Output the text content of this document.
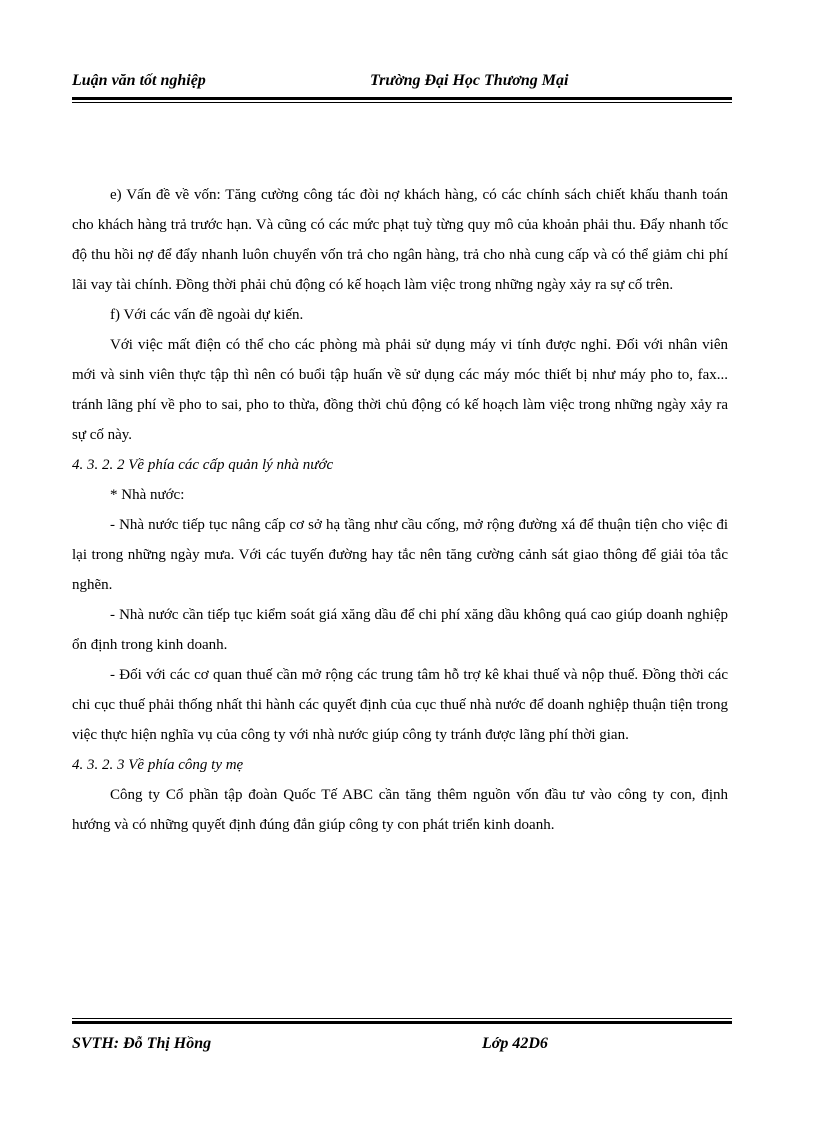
Luận văn tốt nghiệp	Trường Đại Học Thương Mại

e) Vấn đề về vốn: Tăng cường công tác đòi nợ khách hàng, có các chính sách chiết khấu thanh toán cho khách hàng trả trước hạn. Và cũng có các mức phạt tuỳ từng quy mô của khoản phải thu. Đẩy nhanh tốc độ thu hồi nợ để đẩy nhanh luôn chuyển vốn trả cho ngân hàng, trả cho nhà cung cấp và có thể giảm chi phí lãi vay tài chính. Đồng thời phải chủ động có kế hoạch làm việc trong những ngày xảy ra sự cố trên.

f) Với các vấn đề ngoài dự kiến.

Với việc mất điện có thể cho các phòng mà phải sử dụng máy vi tính được nghỉ. Đối với nhân viên mới và sinh viên thực tập thì nên có buổi tập huấn về sử dụng các máy móc thiết bị như máy pho to, fax... tránh lãng phí về pho to sai, pho to thừa, đồng thời chủ động có kế hoạch làm việc trong những ngày xảy ra sự cố này.

4. 3. 2. 2 Về phía các cấp quản lý nhà nước

* Nhà nước:

- Nhà nước tiếp tục nâng cấp cơ sở hạ tầng như cầu cống, mở rộng đường xá để thuận tiện cho việc đi lại trong những ngày mưa. Với các tuyến đường hay tắc nên tăng cường cảnh sát giao thông để giải tỏa tắc nghẽn.

- Nhà nước cần tiếp tục kiểm soát giá xăng dầu để chi phí xăng dầu không quá cao giúp doanh nghiệp ổn định trong kinh doanh.

- Đối với các cơ quan thuế cần mở rộng các trung tâm hỗ trợ kê khai thuế và nộp thuế. Đồng thời các chi cục thuế phải thống nhất thi hành các quyết định của cục thuế nhà nước để doanh nghiệp thuận tiện trong việc thực hiện nghĩa vụ của công ty với nhà nước giúp công ty tránh được lãng phí thời gian.

4. 3. 2. 3 Về phía công ty mẹ

Công ty Cổ phần tập đoàn Quốc Tế ABC cần tăng thêm nguồn vốn đầu tư vào công ty con, định hướng và có những quyết định đúng đắn giúp công ty con phát triển kinh doanh.

SVTH: Đỗ Thị Hồng	Lớp 42D6
